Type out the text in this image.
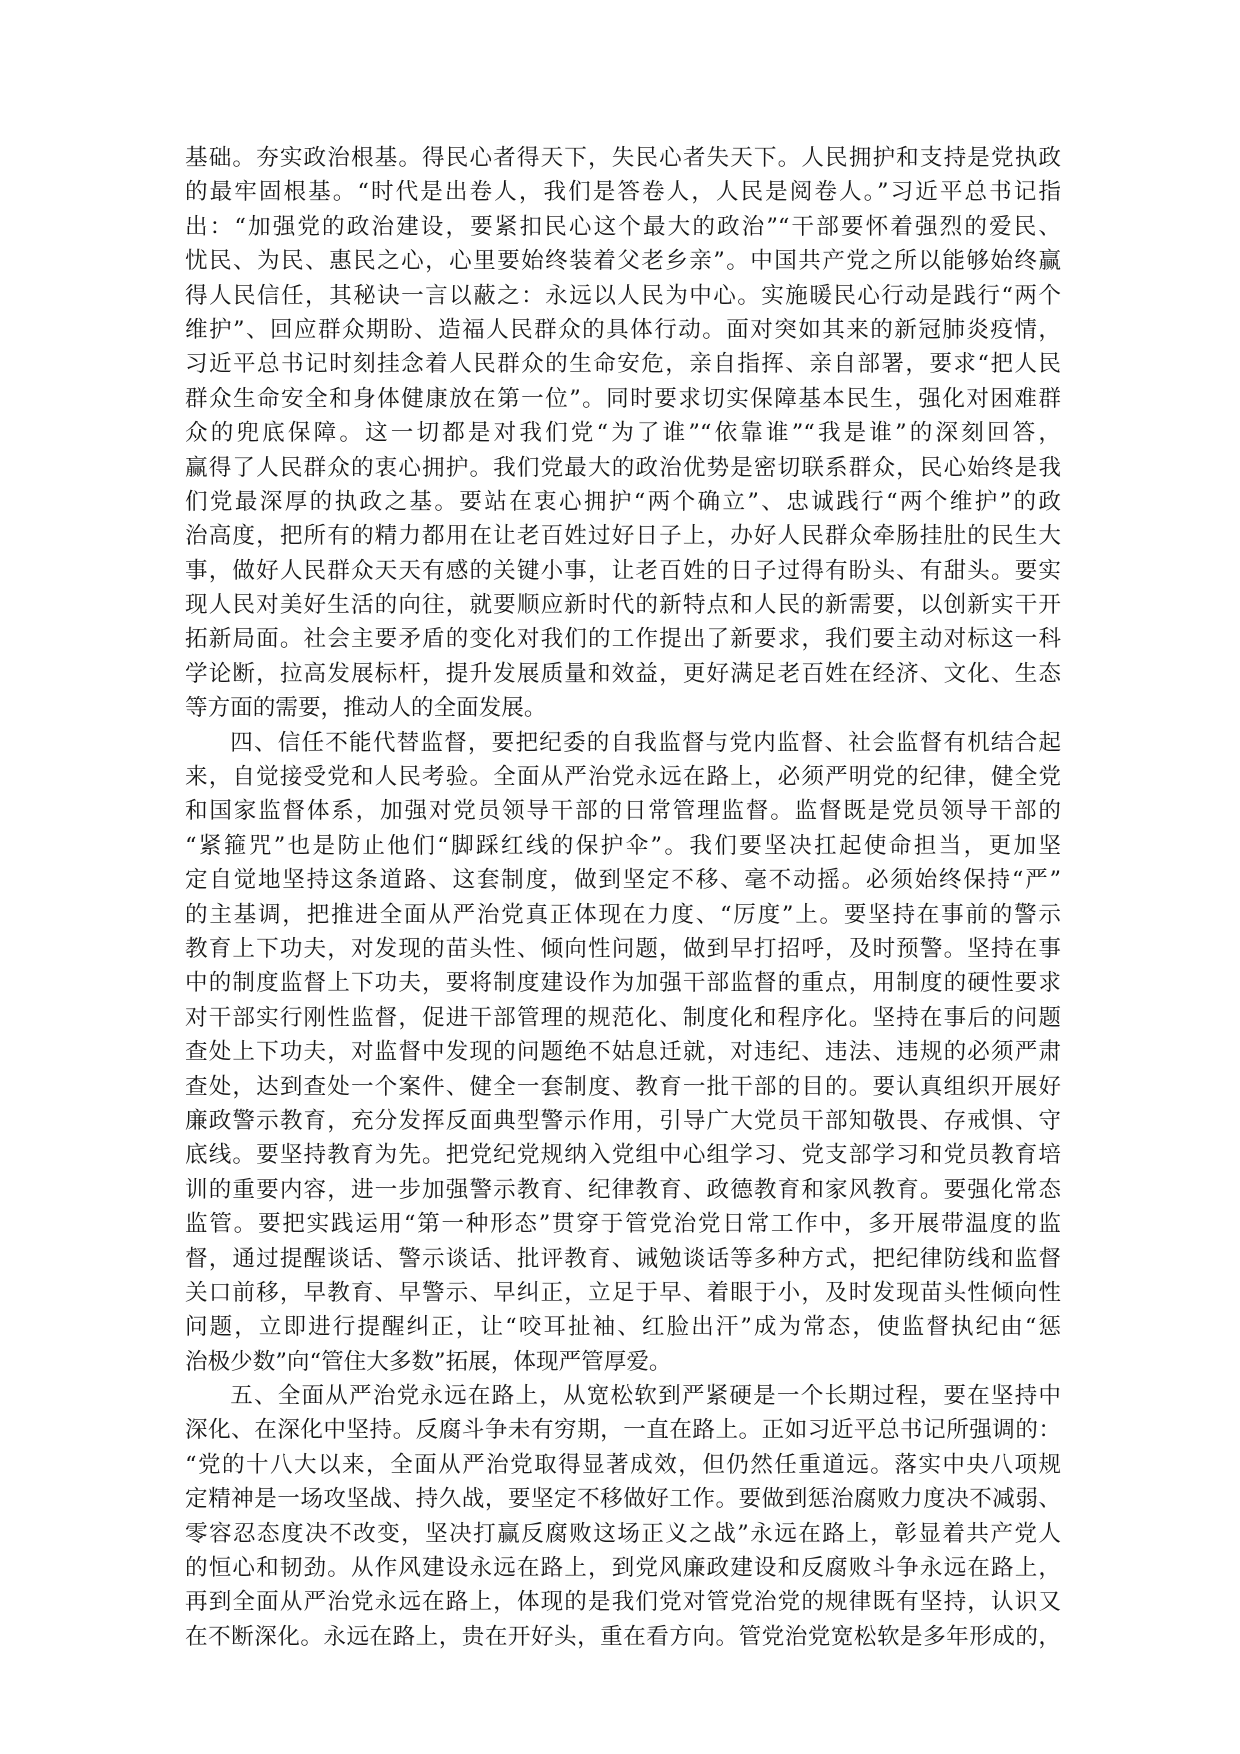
基础。夯实政治根基。得民心者得天下，失民心者失天下。人民拥护和支持是党执政
的最牢固根基。“时代是出卷人，我们是答卷人，人民是阅卷人。”习近平总书记指
出：“加强党的政治建设，要紧扣民心这个最大的政治”“干部要怀着强烈的爱民、
忧民、为民、惠民之心，心里要始终装着父老乡亲”。中国共产党之所以能够始终赢
得人民信任，其秘诀一言以蔽之：永远以人民为中心。实施暖民心行动是践行“两个
维护”、回应群众期盼、造福人民群众的具体行动。面对突如其来的新冠肺炎疫情，
习近平总书记时刻挂念着人民群众的生命安危，亲自指挥、亲自部署，要求“把人民
群众生命安全和身体健康放在第一位”。同时要求切实保障基本民生，强化对困难群
众的兜底保障。这一切都是对我们党“为了谁”“依靠谁”“我是谁”的深刻回答，
赢得了人民群众的衷心拥护。我们党最大的政治优势是密切联系群众，民心始终是我
们党最深厚的执政之基。要站在衷心拥护“两个确立”、忠诚践行“两个维护”的政
治高度，把所有的精力都用在让老百姓过好日子上，办好人民群众牵肠挂肚的民生大
事，做好人民群众天天有感的关键小事，让老百姓的日子过得有盼头、有甜头。要实
现人民对美好生活的向往，就要顺应新时代的新特点和人民的新需要，以创新实干开
拓新局面。社会主要矛盾的变化对我们的工作提出了新要求，我们要主动对标这一科
学论断，拉高发展标杆，提升发展质量和效益，更好满足老百姓在经济、文化、生态
等方面的需要，推动人的全面发展。
四、信任不能代替监督，要把纪委的自我监督与党内监督、社会监督有机结合起
来，自觉接受党和人民考验。全面从严治党永远在路上，必须严明党的纪律，健全党
和国家监督体系，加强对党员领导干部的日常管理监督。监督既是党员领导干部的
“紧箍咒”也是防止他们“脚踩红线的保护伞”。我们要坚决扛起使命担当，更加坚
定自觉地坚持这条道路、这套制度，做到坚定不移、毫不动摇。必须始终保持“严”
的主基调，把推进全面从严治党真正体现在力度、“厉度”上。要坚持在事前的警示
教育上下功夫，对发现的苗头性、倾向性问题，做到早打招呼，及时预警。坚持在事
中的制度监督上下功夫，要将制度建设作为加强干部监督的重点，用制度的硬性要求
对干部实行刚性监督，促进干部管理的规范化、制度化和程序化。坚持在事后的问题
查处上下功夫，对监督中发现的问题绝不姑息迁就，对违纪、违法、违规的必须严肃
查处，达到查处一个案件、健全一套制度、教育一批干部的目的。要认真组织开展好
廉政警示教育，充分发挥反面典型警示作用，引导广大党员干部知敬畏、存戒惧、守
底线。要坚持教育为先。把党纪党规纳入党组中心组学习、党支部学习和党员教育培
训的重要内容，进一步加强警示教育、纪律教育、政德教育和家风教育。要强化常态
监管。要把实践运用“第一种形态”贯穿于管党治党日常工作中，多开展带温度的监
督，通过提醒谈话、警示谈话、批评教育、诫勉谈话等多种方式，把纪律防线和监督
关口前移，早教育、早警示、早纠正，立足于早、着眼于小，及时发现苗头性倾向性
问题，立即进行提醒纠正，让“咬耳扯袖、红脸出汗”成为常态，使监督执纪由“惩
治极少数”向“管住大多数”拓展，体现严管厚爱。
五、全面从严治党永远在路上，从宽松软到严紧硬是一个长期过程，要在坚持中
深化、在深化中坚持。反腐斗争未有穷期，一直在路上。正如习近平总书记所强调的：
“党的十八大以来，全面从严治党取得显著成效，但仍然任重道远。落实中央八项规
定精神是一场攻坚战、持久战，要坚定不移做好工作。要做到惩治腐败力度决不减弱、
零容忍态度决不改变，坚决打赢反腐败这场正义之战”永远在路上，彰显着共产党人
的恒心和韧劲。从作风建设永远在路上，到党风廉政建设和反腐败斗争永远在路上，
再到全面从严治党永远在路上，体现的是我们党对管党治党的规律既有坚持，认识又
在不断深化。永远在路上，贵在开好头，重在看方向。管党治党宽松软是多年形成的，
